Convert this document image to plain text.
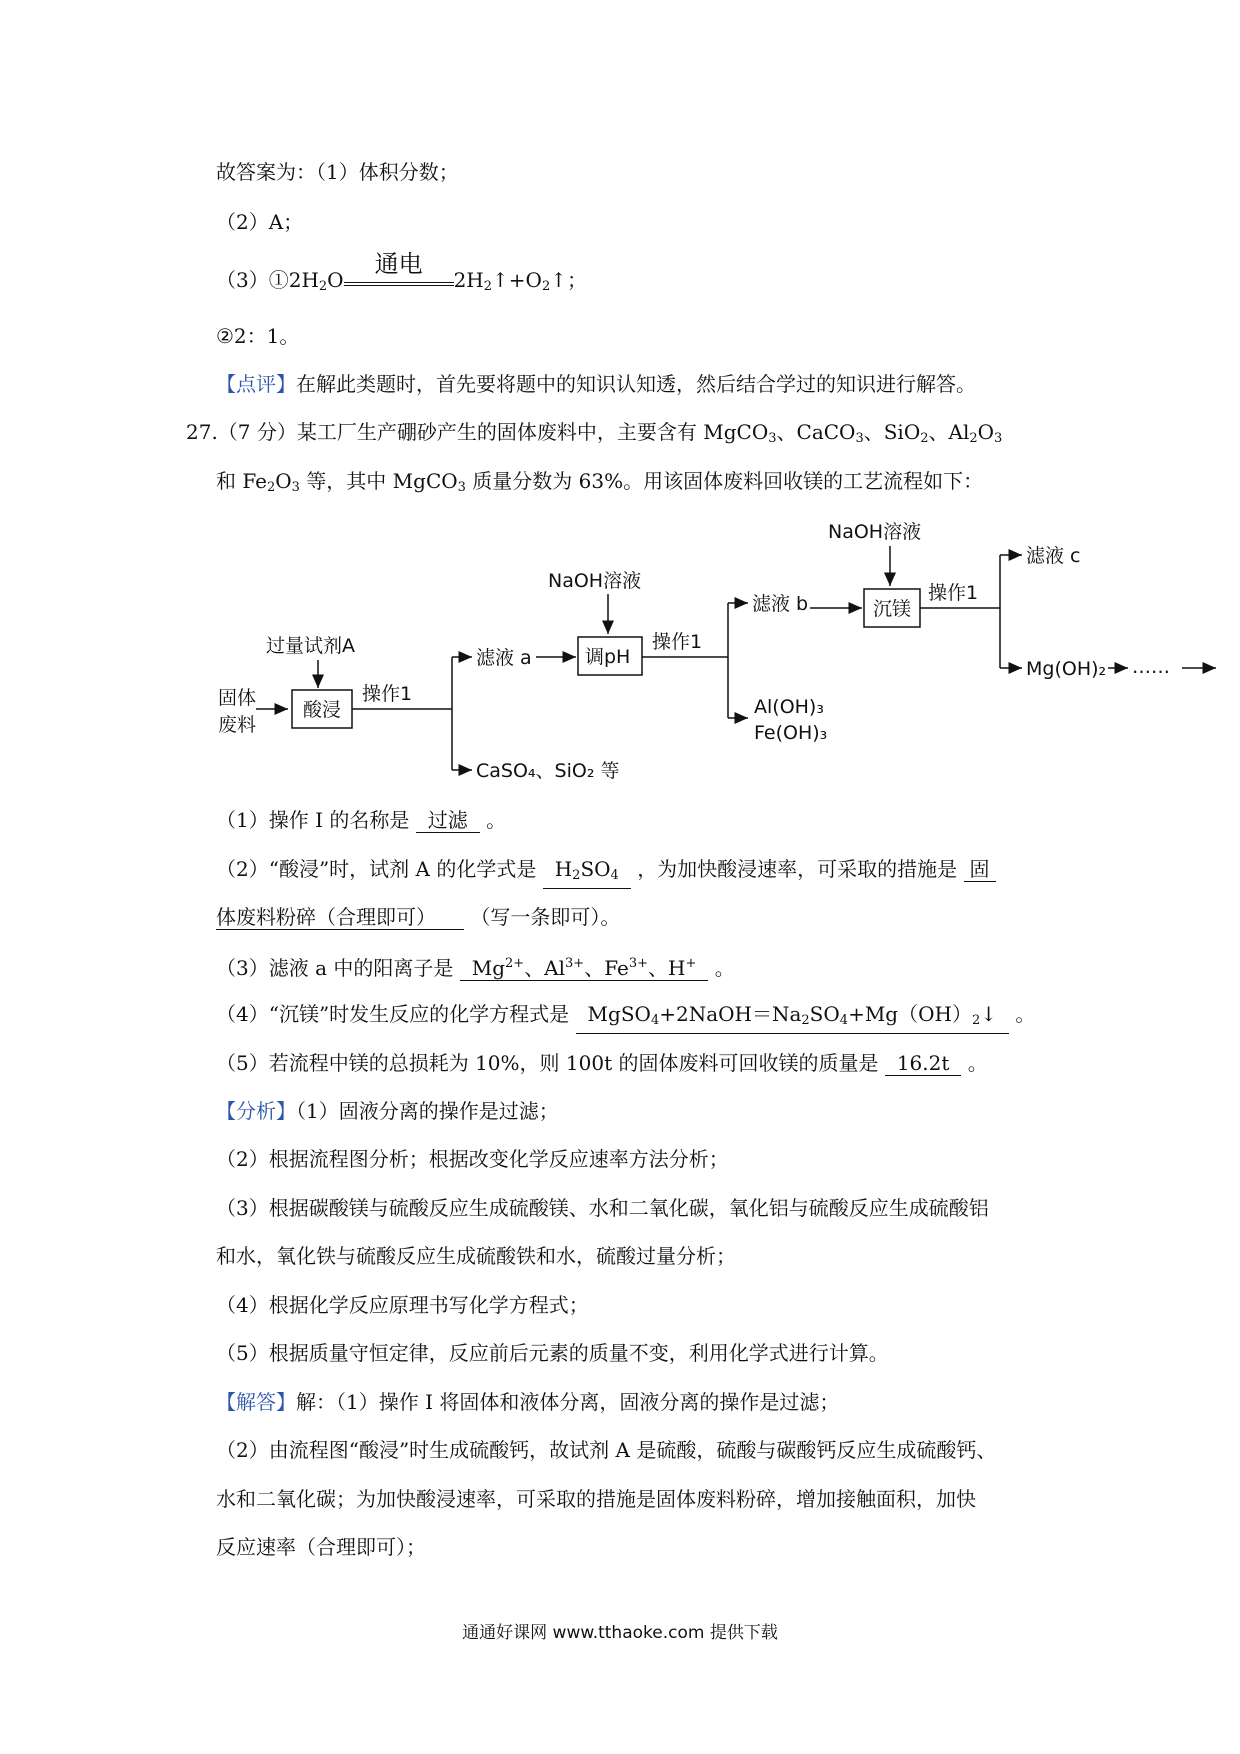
故答案为：（1）体积分数；
（2）A；
$(3)①2H_2O$
通电
$2H_2↑+O_2↑$；
②2：1。
【点评】在解此类题时，首先要将题中的知识认知透，然后结合学过的知识进行解答。
27.（7 分）某工厂生产硼砂产生的固体废料中，主要含有 MgCO$_3$、CaCO$_3$、SiO$_2$、$Al_2O_3$
和 $Fe_2O_3$ 等，其中 MgCO$_3$ 质量分数为 63%。用该固体废料回收镁的工艺流程如下：
固体
废料
过量试剂A
酸浸
操作1
滤液 a
CaSO₄、SiO₂ 等
NaOH溶液
调pH
操作1
滤液 b
Al(OH)₃
Fe(OH)₃
NaOH溶液
沉镁
操作1
滤液 c
Mg(OH)₂ ……
（1）操作 I 的名称是 过滤 。
（2）“酸浸”时，试剂 A 的化学式是 $H_2SO_4$ ，为加快酸浸速率，可采取的措施是 固
体废料粉碎（合理即可） （写一条即可）。
（3）滤液 a 中的阳离子是 $Mg^{2+}$、$Al^{3+}$、$Fe^{3+}$、H+ 。
（4）“沉镁”时发生反应的化学方程式是 $MgSO_4+2NaOH=Na_2SO_4+Mg(OH)_2↓$ 。
（5）若流程中镁的总损耗为 10%，则 100t 的固体废料可回收镁的质量是 16.2t 。
【分析】（1）固液分离的操作是过滤；
（2）根据流程图分析；根据改变化学反应速率方法分析；
（3）根据碳酸镁与硫酸反应生成硫酸镁、水和二氧化碳，氧化铝与硫酸反应生成硫酸铝
和水，氧化铁与硫酸反应生成硫酸铁和水，硫酸过量分析；
（4）根据化学反应原理书写化学方程式；
（5）根据质量守恒定律，反应前后元素的质量不变，利用化学式进行计算。
【解答】解：（1）操作 I 将固体和液体分离，固液分离的操作是过滤；
（2）由流程图“酸浸”时生成硫酸钙，故试剂 A 是硫酸，硫酸与碳酸钙反应生成硫酸钙、
水和二氧化碳；为加快酸浸速率，可采取的措施是固体废料粉碎，增加接触面积，加快
反应速率（合理即可）；
通通好课网 www.tthaoke.com 提供下载
